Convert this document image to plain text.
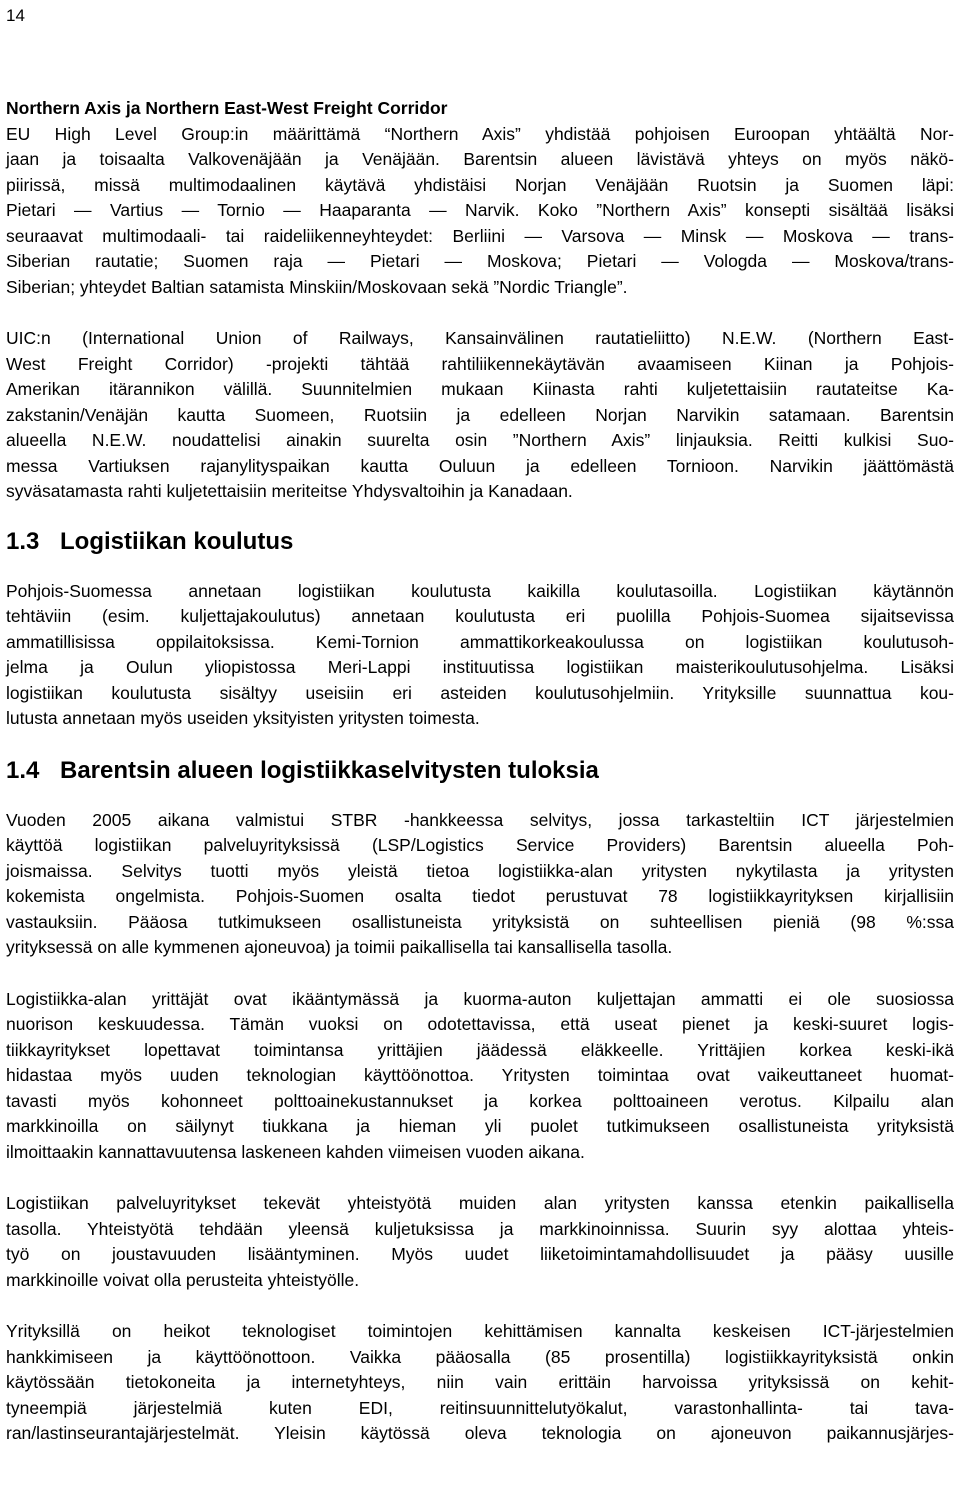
14
Northern Axis ja Northern East-West Freight Corridor
EU High Level Group:in määrittämä “Northern Axis” yhdistää pohjoisen Euroopan yhtäältä Nor-
jaan ja toisaalta Valkovenäjään ja Venäjään. Barentsin alueen lävistävä yhteys on myös näkö-
piirissä, missä multimodaalinen käytävä yhdistäisi Norjan Venäjään Ruotsin ja Suomen läpi:
Pietari — Vartius — Tornio — Haaparanta — Narvik. Koko ”Northern Axis” konsepti sisältää lisäksi
seuraavat multimodaali- tai raideliikenneyhteydet: Berliini — Varsova — Minsk — Moskova — trans-
Siberian rautatie; Suomen raja — Pietari — Moskova; Pietari — Vologda — Moskova/trans-
Siberian; yhteydet Baltian satamista Minskiin/Moskovaan sekä ”Nordic Triangle”.
UIC:n (International Union of Railways, Kansainvälinen rautatieliitto) N.E.W. (Northern East-
West Freight Corridor) -projekti tähtää rahtiliikennekäytävän avaamiseen Kiinan ja Pohjois-
Amerikan itärannikon välillä. Suunnitelmien mukaan Kiinasta rahti kuljetettaisiin rautateitse Ka-
zakstanin/Venäjän kautta Suomeen, Ruotsiin ja edelleen Norjan Narvikin satamaan. Barentsin
alueella N.E.W. noudattelisi ainakin suurelta osin ”Northern Axis” linjauksia. Reitti kulkisi Suo-
messa Vartiuksen rajanylityspaikan kautta Ouluun ja edelleen Tornioon. Narvikin jäättömästä
syväsatamasta rahti kuljetettaisiin meriteitse Yhdysvaltoihin ja Kanadaan.
1.3 Logistiikan koulutus
Pohjois-Suomessa annetaan logistiikan koulutusta kaikilla koulutasoilla. Logistiikan käytännön
tehtäviin (esim. kuljettajakoulutus) annetaan koulutusta eri puolilla Pohjois-Suomea sijaitsevissa
ammatillisissa oppilaitoksissa. Kemi-Tornion ammattikorkeakoulussa on logistiikan koulutusoh-
jelma ja Oulun yliopistossa Meri-Lappi instituutissa logistiikan maisterikoulutusohjelma. Lisäksi
logistiikan koulutusta sisältyy useisiin eri asteiden koulutusohjelmiin. Yrityksille suunnattua kou-
lutusta annetaan myös useiden yksityisten yritysten toimesta.
1.4 Barentsin alueen logistiikkaselvitysten tuloksia
Vuoden 2005 aikana valmistui STBR -hankkeessa selvitys, jossa tarkasteltiin ICT järjestelmien
käyttöä logistiikan palveluyrityksissä (LSP/Logistics Service Providers) Barentsin alueella Poh-
joismaissa. Selvitys tuotti myös yleistä tietoa logistiikka-alan yritysten nykytilasta ja yritysten
kokemista ongelmista. Pohjois-Suomen osalta tiedot perustuvat 78 logistiikkayrityksen kirjallisiin
vastauksiin. Pääosa tutkimukseen osallistuneista yrityksistä on suhteellisen pieniä (98 %:ssa
yrityksessä on alle kymmenen ajoneuvoa) ja toimii paikallisella tai kansallisella tasolla.
Logistiikka-alan yrittäjät ovat ikääntymässä ja kuorma-auton kuljettajan ammatti ei ole suosiossa
nuorison keskuudessa. Tämän vuoksi on odotettavissa, että useat pienet ja keski-suuret logis-
tiikkayritykset lopettavat toimintansa yrittäjien jäädessä eläkkeelle. Yrittäjien korkea keski-ikä
hidastaa myös uuden teknologian käyttöönottoa. Yritysten toimintaa ovat vaikeuttaneet huomat-
tavasti myös kohonneet polttoainekustannukset ja korkea polttoaineen verotus. Kilpailu alan
markkinoilla on säilynyt tiukkana ja hieman yli puolet tutkimukseen osallistuneista yrityksistä
ilmoittaakin kannattavuutensa laskeneen kahden viimeisen vuoden aikana.
Logistiikan palveluyritykset tekevät yhteistyötä muiden alan yritysten kanssa etenkin paikallisella
tasolla. Yhteistyötä tehdään yleensä kuljetuksissa ja markkinoinnissa. Suurin syy alottaa yhteis-
työ on joustavuuden lisääntyminen. Myös uudet liiketoimintamahdollisuudet ja pääsy uusille
markkinoille voivat olla perusteita yhteistyölle.
Yrityksillä on heikot teknologiset toimintojen kehittämisen kannalta keskeisen ICT-järjestelmien
hankkimiseen ja käyttöönottoon. Vaikka pääosalla (85 prosentilla) logistiikkayrityksistä onkin
käytössään tietokoneita ja internetyhteys, niin vain erittäin harvoissa yrityksissä on kehit-
tyneempiä järjestelmiä kuten EDI, reitinsuunnittelutyökalut, varastonhallinta- tai tava-
ran/lastinseurantajärjestelmät. Yleisin käytössä oleva teknologia on ajoneuvon paikannusjärjes-
